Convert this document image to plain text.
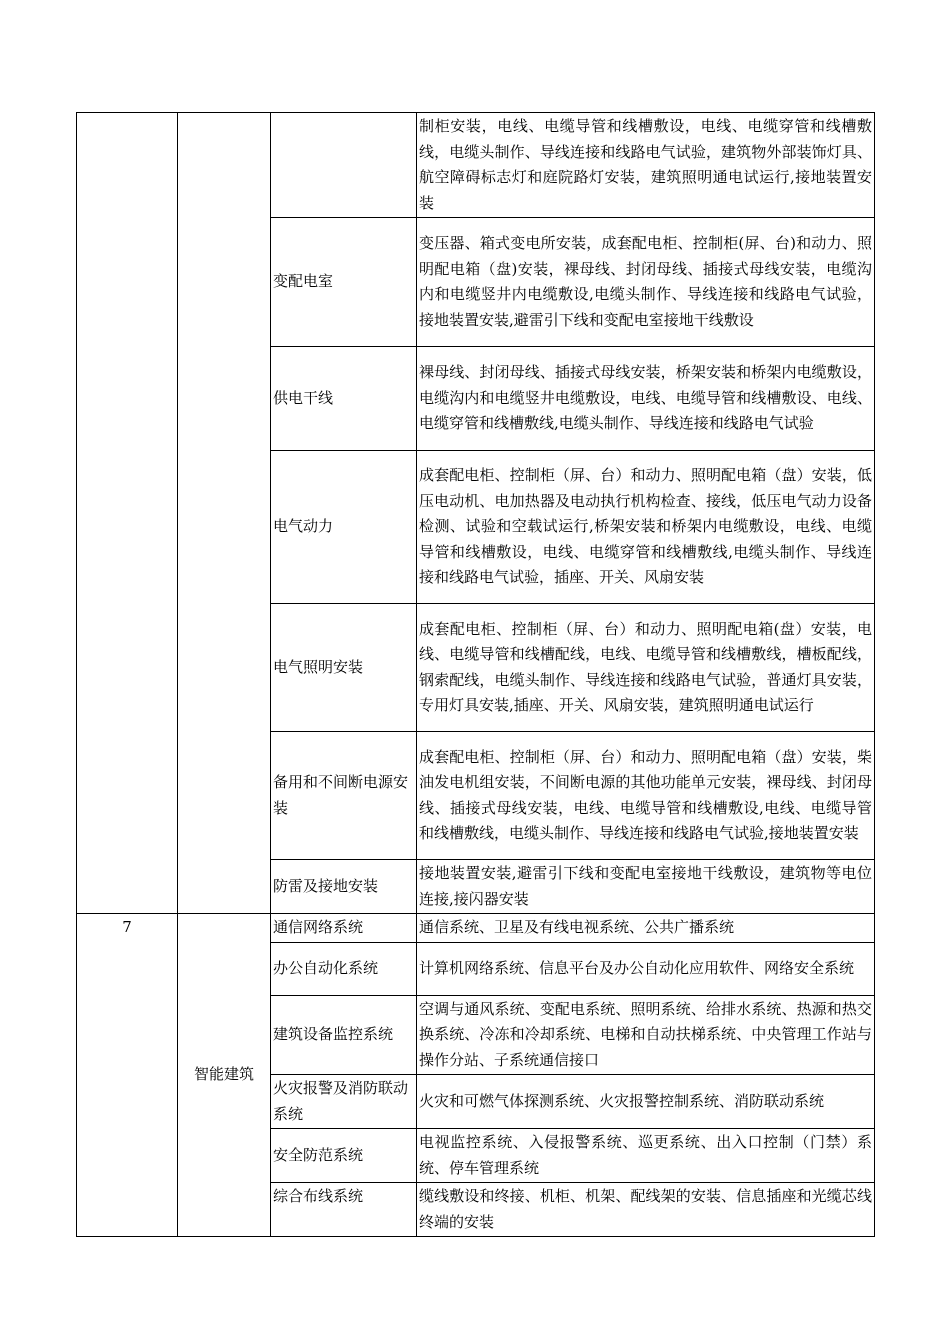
			制柜安装，电线、电缆导管和线槽敷设，电线、电缆穿管和线槽敷线，电缆头制作、导线连接和线路电气试验，建筑物外部装饰灯具、航空障碍标志灯和庭院路灯安装，建筑照明通电试运行,接地装置安装
		变配电室	变压器、箱式变电所安装，成套配电柜、控制柜(屏、台)和动力、照明配电箱（盘)安装，裸母线、封闭母线、插接式母线安装，电缆沟内和电缆竖井内电缆敷设,电缆头制作、导线连接和线路电气试验，接地装置安装,避雷引下线和变配电室接地干线敷设
		供电干线	裸母线、封闭母线、插接式母线安装，桥架安装和桥架内电缆敷设，电缆沟内和电缆竖井电缆敷设，电线、电缆导管和线槽敷设、电线、电缆穿管和线槽敷线,电缆头制作、导线连接和线路电气试验
		电气动力	成套配电柜、控制柜（屏、台）和动力、照明配电箱（盘）安装，低压电动机、电加热器及电动执行机构检查、接线，低压电气动力设备检测、试验和空载试运行,桥架安装和桥架内电缆敷设，电线、电缆导管和线槽敷设，电线、电缆穿管和线槽敷线,电缆头制作、导线连接和线路电气试验，插座、开关、风扇安装
		电气照明安装	成套配电柜、控制柜（屏、台）和动力、照明配电箱(盘）安装，电线、电缆导管和线槽配线，电线、电缆导管和线槽敷线，槽板配线，钢索配线，电缆头制作、导线连接和线路电气试验，普通灯具安装，专用灯具安装,插座、开关、风扇安装，建筑照明通电试运行
		备用和不间断电源安装	成套配电柜、控制柜（屏、台）和动力、照明配电箱（盘）安装，柴油发电机组安装，不间断电源的其他功能单元安装，裸母线、封闭母线、插接式母线安装，电线、电缆导管和线槽敷设,电线、电缆导管和线槽敷线，电缆头制作、导线连接和线路电气试验,接地装置安装
		防雷及接地安装	接地装置安装,避雷引下线和变配电室接地干线敷设，建筑物等电位连接,接闪器安装
7	智能建筑	通信网络系统	通信系统、卫星及有线电视系统、公共广播系统
		办公自动化系统	计算机网络系统、信息平台及办公自动化应用软件、网络安全系统
		建筑设备监控系统	空调与通风系统、变配电系统、照明系统、给排水系统、热源和热交换系统、冷冻和冷却系统、电梯和自动扶梯系统、中央管理工作站与操作分站、子系统通信接口
		火灾报警及消防联动系统	火灾和可燃气体探测系统、火灾报警控制系统、消防联动系统
		安全防范系统	电视监控系统、入侵报警系统、巡更系统、出入口控制（门禁）系统、停车管理系统
		综合布线系统	缆线敷设和终接、机柜、机架、配线架的安装、信息插座和光缆芯线终端的安装
